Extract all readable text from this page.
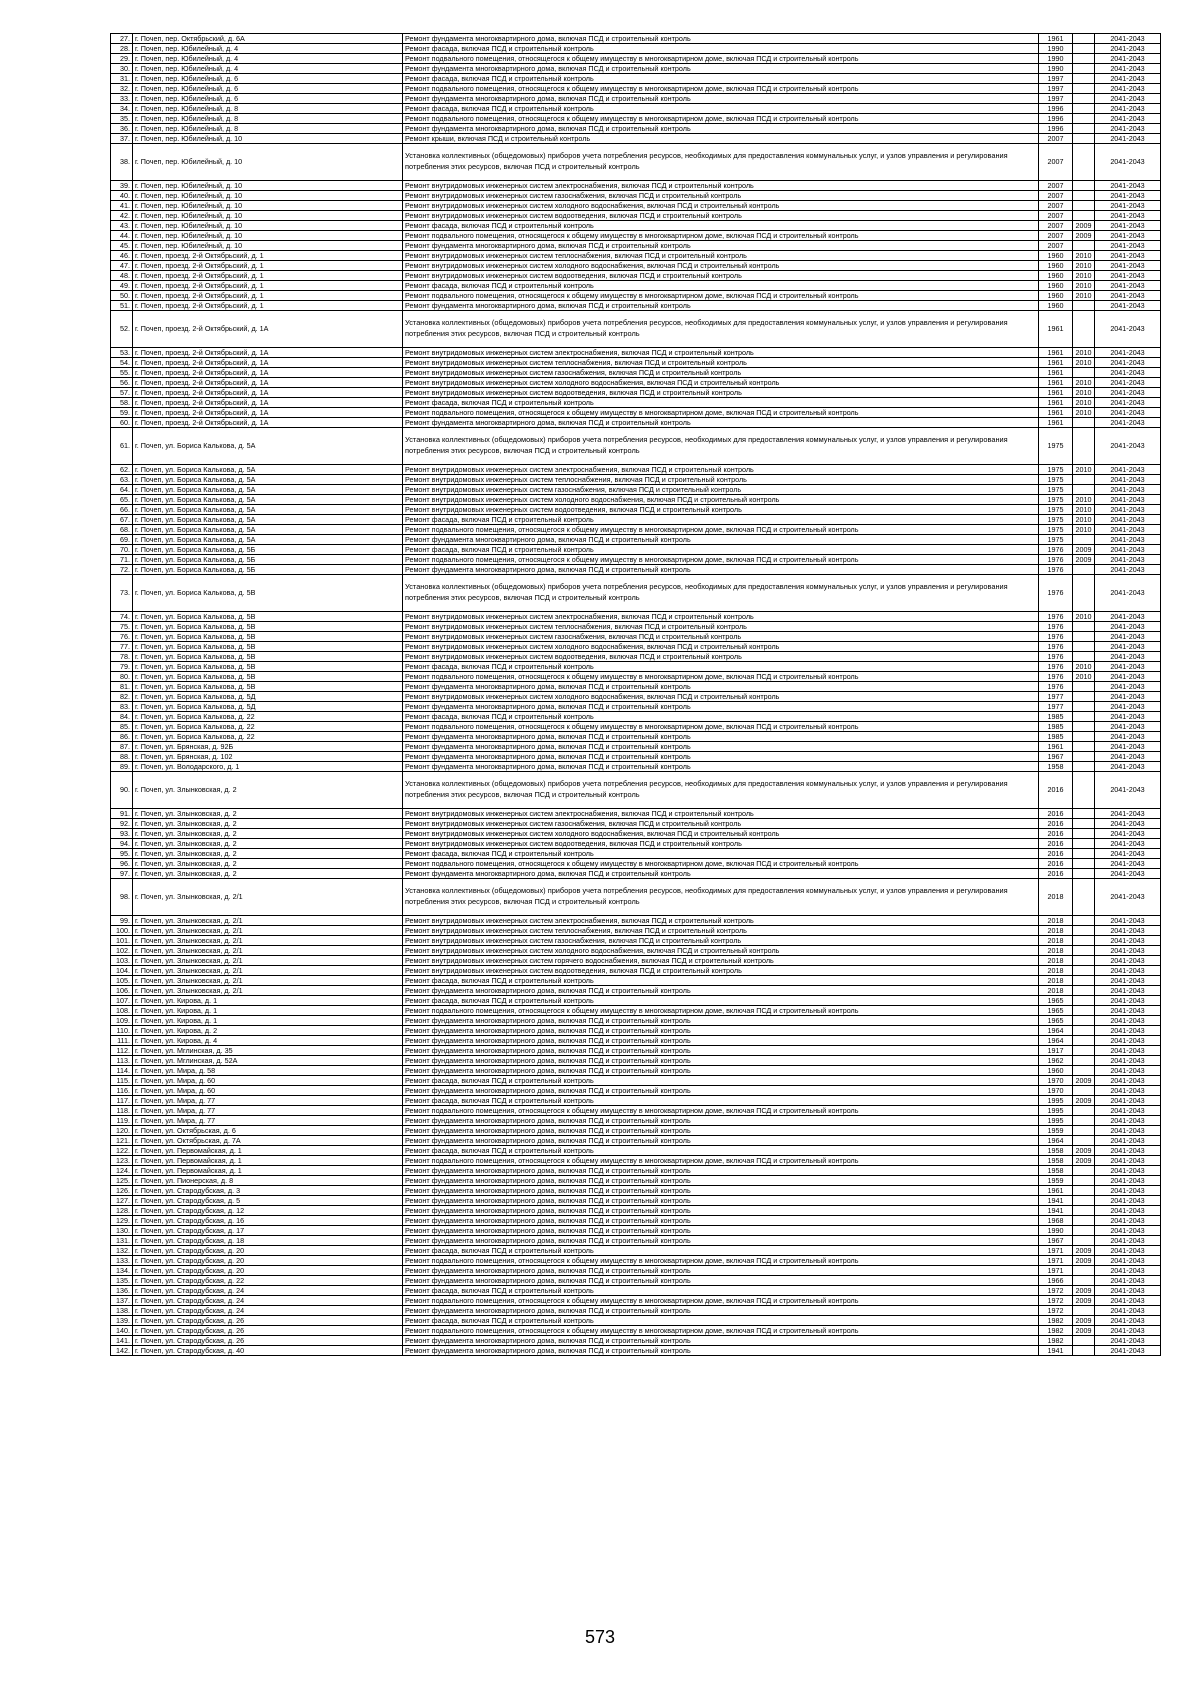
27.	г. Почеп, пер. Октябрьский, д. 6А	Ремонт фундамента многоквартирного дома, включая ПСД и строительный контроль	1961		2041-2043
28.	г. Почеп, пер. Юбилейный, д. 4	Ремонт фасада, включая ПСД и строительный контроль	1990		2041-2043
29.	г. Почеп, пер. Юбилейный, д. 4	Ремонт подвального помещения, относящегося к общему имуществу в многоквартирном доме, включая ПСД и строительный контроль	1990		2041-2043
30.	г. Почеп, пер. Юбилейный, д. 4	Ремонт фундамента многоквартирного дома, включая ПСД и строительный контроль	1990		2041-2043
31.	г. Почеп, пер. Юбилейный, д. 6	Ремонт фасада, включая ПСД и строительный контроль	1997		2041-2043
32.	г. Почеп, пер. Юбилейный, д. 6	Ремонт подвального помещения, относящегося к общему имуществу в многоквартирном доме, включая ПСД и строительный контроль	1997		2041-2043
33.	г. Почеп, пер. Юбилейный, д. 6	Ремонт фундамента многоквартирного дома, включая ПСД и строительный контроль	1997		2041-2043
34.	г. Почеп, пер. Юбилейный, д. 8	Ремонт фасада, включая ПСД и строительный контроль	1996		2041-2043
35.	г. Почеп, пер. Юбилейный, д. 8	Ремонт подвального помещения, относящегося к общему имуществу в многоквартирном доме, включая ПСД и строительный контроль	1996		2041-2043
36.	г. Почеп, пер. Юбилейный, д. 8	Ремонт фундамента многоквартирного дома, включая ПСД и строительный контроль	1996		2041-2043
37.	г. Почеп, пер. Юбилейный, д. 10	Ремонт крыши, включая ПСД и строительный контроль	2007		2041-2043
38.	г. Почеп, пер. Юбилейный, д. 10	Установка коллективных (общедомовых) приборов учета потребления ресурсов, необходимых для предоставления коммунальных услуг, и узлов управления и регулирования потребления этих ресурсов, включая ПСД и строительный контроль	2007		2041-2043
39.	г. Почеп, пер. Юбилейный, д. 10	Ремонт внутридомовых инженерных систем электроснабжения, включая ПСД и строительный контроль	2007		2041-2043
40.	г. Почеп, пер. Юбилейный, д. 10	Ремонт внутридомовых инженерных систем газоснабжения, включая ПСД и строительный контроль	2007		2041-2043
41.	г. Почеп, пер. Юбилейный, д. 10	Ремонт внутридомовых инженерных систем холодного водоснабжения, включая ПСД и строительный контроль	2007		2041-2043
42.	г. Почеп, пер. Юбилейный, д. 10	Ремонт внутридомовых инженерных систем водоотведения, включая ПСД и строительный контроль	2007		2041-2043
43.	г. Почеп, пер. Юбилейный, д. 10	Ремонт фасада, включая ПСД и строительный контроль	2007	2009	2041-2043
44.	г. Почеп, пер. Юбилейный, д. 10	Ремонт подвального помещения, относящегося к общему имуществу в многоквартирном доме, включая ПСД и строительный контроль	2007	2009	2041-2043
45.	г. Почеп, пер. Юбилейный, д. 10	Ремонт фундамента многоквартирного дома, включая ПСД и строительный контроль	2007		2041-2043
46.	г. Почеп, проезд. 2-й Октябрьский, д. 1	Ремонт внутридомовых инженерных систем теплоснабжения, включая ПСД и строительный контроль	1960	2010	2041-2043
47.	г. Почеп, проезд. 2-й Октябрьский, д. 1	Ремонт внутридомовых инженерных систем холодного водоснабжения, включая ПСД и строительный контроль	1960	2010	2041-2043
48.	г. Почеп, проезд. 2-й Октябрьский, д. 1	Ремонт внутридомовых инженерных систем водоотведения, включая ПСД и строительный контроль	1960	2010	2041-2043
49.	г. Почеп, проезд. 2-й Октябрьский, д. 1	Ремонт фасада, включая ПСД и строительный контроль	1960	2010	2041-2043
50.	г. Почеп, проезд. 2-й Октябрьский, д. 1	Ремонт подвального помещения, относящегося к общему имуществу в многоквартирном доме, включая ПСД и строительный контроль	1960	2010	2041-2043
51.	г. Почеп, проезд. 2-й Октябрьский, д. 1	Ремонт фундамента многоквартирного дома, включая ПСД и строительный контроль	1960		2041-2043
52.	г. Почеп, проезд. 2-й Октябрьский, д. 1А	Установка коллективных (общедомовых) приборов учета потребления ресурсов, необходимых для предоставления коммунальных услуг, и узлов управления и регулирования потребления этих ресурсов, включая ПСД и строительный контроль	1961		2041-2043
53.	г. Почеп, проезд. 2-й Октябрьский, д. 1А	Ремонт внутридомовых инженерных систем электроснабжения, включая ПСД и строительный контроль	1961	2010	2041-2043
54.	г. Почеп, проезд. 2-й Октябрьский, д. 1А	Ремонт внутридомовых инженерных систем теплоснабжения, включая ПСД и строительный контроль	1961	2010	2041-2043
55.	г. Почеп, проезд. 2-й Октябрьский, д. 1А	Ремонт внутридомовых инженерных систем газоснабжения, включая ПСД и строительный контроль	1961		2041-2043
56.	г. Почеп, проезд. 2-й Октябрьский, д. 1А	Ремонт внутридомовых инженерных систем холодного водоснабжения, включая ПСД и строительный контроль	1961	2010	2041-2043
57.	г. Почеп, проезд. 2-й Октябрьский, д. 1А	Ремонт внутридомовых инженерных систем водоотведения, включая ПСД и строительный контроль	1961	2010	2041-2043
58.	г. Почеп, проезд. 2-й Октябрьский, д. 1А	Ремонт фасада, включая ПСД и строительный контроль	1961	2010	2041-2043
59.	г. Почеп, проезд. 2-й Октябрьский, д. 1А	Ремонт подвального помещения, относящегося к общему имуществу в многоквартирном доме, включая ПСД и строительный контроль	1961	2010	2041-2043
60.	г. Почеп, проезд. 2-й Октябрьский, д. 1А	Ремонт фундамента многоквартирного дома, включая ПСД и строительный контроль	1961		2041-2043
61.	г. Почеп, ул. Бориса Калькова, д. 5А	Установка коллективных (общедомовых) приборов учета потребления ресурсов, необходимых для предоставления коммунальных услуг, и узлов управления и регулирования потребления этих ресурсов, включая ПСД и строительный контроль	1975		2041-2043
62.	г. Почеп, ул. Бориса Калькова, д. 5А	Ремонт внутридомовых инженерных систем электроснабжения, включая ПСД и строительный контроль	1975	2010	2041-2043
63.	г. Почеп, ул. Бориса Калькова, д. 5А	Ремонт внутридомовых инженерных систем теплоснабжения, включая ПСД и строительный контроль	1975		2041-2043
64.	г. Почеп, ул. Бориса Калькова, д. 5А	Ремонт внутридомовых инженерных систем газоснабжения, включая ПСД и строительный контроль	1975		2041-2043
65.	г. Почеп, ул. Бориса Калькова, д. 5А	Ремонт внутридомовых инженерных систем холодного водоснабжения, включая ПСД и строительный контроль	1975	2010	2041-2043
66.	г. Почеп, ул. Бориса Калькова, д. 5А	Ремонт внутридомовых инженерных систем водоотведения, включая ПСД и строительный контроль	1975	2010	2041-2043
67.	г. Почеп, ул. Бориса Калькова, д. 5А	Ремонт фасада, включая ПСД и строительный контроль	1975	2010	2041-2043
68.	г. Почеп, ул. Бориса Калькова, д. 5А	Ремонт подвального помещения, относящегося к общему имуществу в многоквартирном доме, включая ПСД и строительный контроль	1975	2010	2041-2043
69.	г. Почеп, ул. Бориса Калькова, д. 5А	Ремонт фундамента многоквартирного дома, включая ПСД и строительный контроль	1975		2041-2043
70.	г. Почеп, ул. Бориса Калькова, д. 5Б	Ремонт фасада, включая ПСД и строительный контроль	1976	2009	2041-2043
71.	г. Почеп, ул. Бориса Калькова, д. 5Б	Ремонт подвального помещения, относящегося к общему имуществу в многоквартирном доме, включая ПСД и строительный контроль	1976	2009	2041-2043
72.	г. Почеп, ул. Бориса Калькова, д. 5Б	Ремонт фундамента многоквартирного дома, включая ПСД и строительный контроль	1976		2041-2043
73.	г. Почеп, ул. Бориса Калькова, д. 5В	Установка коллективных (общедомовых) приборов учета потребления ресурсов, необходимых для предоставления коммунальных услуг, и узлов управления и регулирования потребления этих ресурсов, включая ПСД и строительный контроль	1976		2041-2043
74.	г. Почеп, ул. Бориса Калькова, д. 5В	Ремонт внутридомовых инженерных систем электроснабжения, включая ПСД и строительный контроль	1976	2010	2041-2043
75.	г. Почеп, ул. Бориса Калькова, д. 5В	Ремонт внутридомовых инженерных систем теплоснабжения, включая ПСД и строительный контроль	1976		2041-2043
76.	г. Почеп, ул. Бориса Калькова, д. 5В	Ремонт внутридомовых инженерных систем газоснабжения, включая ПСД и строительный контроль	1976		2041-2043
77.	г. Почеп, ул. Бориса Калькова, д. 5В	Ремонт внутридомовых инженерных систем холодного водоснабжения, включая ПСД и строительный контроль	1976		2041-2043
78.	г. Почеп, ул. Бориса Калькова, д. 5В	Ремонт внутридомовых инженерных систем водоотведения, включая ПСД и строительный контроль	1976		2041-2043
79.	г. Почеп, ул. Бориса Калькова, д. 5В	Ремонт фасада, включая ПСД и строительный контроль	1976	2010	2041-2043
80.	г. Почеп, ул. Бориса Калькова, д. 5В	Ремонт подвального помещения, относящегося к общему имуществу в многоквартирном доме, включая ПСД и строительный контроль	1976	2010	2041-2043
81.	г. Почеп, ул. Бориса Калькова, д. 5В	Ремонт фундамента многоквартирного дома, включая ПСД и строительный контроль	1976		2041-2043
82.	г. Почеп, ул. Бориса Калькова, д. 5Д	Ремонт внутридомовых инженерных систем холодного водоснабжения, включая ПСД и строительный контроль	1977		2041-2043
83.	г. Почеп, ул. Бориса Калькова, д. 5Д	Ремонт фундамента многоквартирного дома, включая ПСД и строительный контроль	1977		2041-2043
84.	г. Почеп, ул. Бориса Калькова, д. 22	Ремонт фасада, включая ПСД и строительный контроль	1985		2041-2043
85.	г. Почеп, ул. Бориса Калькова, д. 22	Ремонт подвального помещения, относящегося к общему имуществу в многоквартирном доме, включая ПСД и строительный контроль	1985		2041-2043
86.	г. Почеп, ул. Бориса Калькова, д. 22	Ремонт фундамента многоквартирного дома, включая ПСД и строительный контроль	1985		2041-2043
87.	г. Почеп, ул. Брянская, д. 92Б	Ремонт фундамента многоквартирного дома, включая ПСД и строительный контроль	1961		2041-2043
88.	г. Почеп, ул. Брянская, д. 102	Ремонт фундамента многоквартирного дома, включая ПСД и строительный контроль	1967		2041-2043
89.	г. Почеп, ул. Володарского, д. 1	Ремонт фундамента многоквартирного дома, включая ПСД и строительный контроль	1958		2041-2043
90.	г. Почеп, ул. Злынковская, д. 2	Установка коллективных (общедомовых) приборов учета потребления ресурсов, необходимых для предоставления коммунальных услуг, и узлов управления и регулирования потребления этих ресурсов, включая ПСД и строительный контроль	2016		2041-2043
91.	г. Почеп, ул. Злынковская, д. 2	Ремонт внутридомовых инженерных систем электроснабжения, включая ПСД и строительный контроль	2016		2041-2043
92.	г. Почеп, ул. Злынковская, д. 2	Ремонт внутридомовых инженерных систем газоснабжения, включая ПСД и строительный контроль	2016		2041-2043
93.	г. Почеп, ул. Злынковская, д. 2	Ремонт внутридомовых инженерных систем холодного водоснабжения, включая ПСД и строительный контроль	2016		2041-2043
94.	г. Почеп, ул. Злынковская, д. 2	Ремонт внутридомовых инженерных систем водоотведения, включая ПСД и строительный контроль	2016		2041-2043
95.	г. Почеп, ул. Злынковская, д. 2	Ремонт фасада, включая ПСД и строительный контроль	2016		2041-2043
96.	г. Почеп, ул. Злынковская, д. 2	Ремонт подвального помещения, относящегося к общему имуществу в многоквартирном доме, включая ПСД и строительный контроль	2016		2041-2043
97.	г. Почеп, ул. Злынковская, д. 2	Ремонт фундамента многоквартирного дома, включая ПСД и строительный контроль	2016		2041-2043
98.	г. Почеп, ул. Злынковская, д. 2/1	Установка коллективных (общедомовых) приборов учета потребления ресурсов, необходимых для предоставления коммунальных услуг, и узлов управления и регулирования потребления этих ресурсов, включая ПСД и строительный контроль	2018		2041-2043
99.	г. Почеп, ул. Злынковская, д. 2/1	Ремонт внутридомовых инженерных систем электроснабжения, включая ПСД и строительный контроль	2018		2041-2043
100.	г. Почеп, ул. Злынковская, д. 2/1	Ремонт внутридомовых инженерных систем теплоснабжения, включая ПСД и строительный контроль	2018		2041-2043
101.	г. Почеп, ул. Злынковская, д. 2/1	Ремонт внутридомовых инженерных систем газоснабжения, включая ПСД и строительный контроль	2018		2041-2043
102.	г. Почеп, ул. Злынковская, д. 2/1	Ремонт внутридомовых инженерных систем холодного водоснабжения, включая ПСД и строительный контроль	2018		2041-2043
103.	г. Почеп, ул. Злынковская, д. 2/1	Ремонт внутридомовых инженерных систем горячего водоснабжения, включая ПСД и строительный контроль	2018		2041-2043
104.	г. Почеп, ул. Злынковская, д. 2/1	Ремонт внутридомовых инженерных систем водоотведения, включая ПСД и строительный контроль	2018		2041-2043
105.	г. Почеп, ул. Злынковская, д. 2/1	Ремонт фасада, включая ПСД и строительный контроль	2018		2041-2043
106.	г. Почеп, ул. Злынковская, д. 2/1	Ремонт фундамента многоквартирного дома, включая ПСД и строительный контроль	2018		2041-2043
107.	г. Почеп, ул. Кирова, д. 1	Ремонт фасада, включая ПСД и строительный контроль	1965		2041-2043
108.	г. Почеп, ул. Кирова, д. 1	Ремонт подвального помещения, относящегося к общему имуществу в многоквартирном доме, включая ПСД и строительный контроль	1965		2041-2043
109.	г. Почеп, ул. Кирова, д. 1	Ремонт фундамента многоквартирного дома, включая ПСД и строительный контроль	1965		2041-2043
110.	г. Почеп, ул. Кирова, д. 2	Ремонт фундамента многоквартирного дома, включая ПСД и строительный контроль	1964		2041-2043
111.	г. Почеп, ул. Кирова, д. 4	Ремонт фундамента многоквартирного дома, включая ПСД и строительный контроль	1964		2041-2043
112.	г. Почеп, ул. Мглинская, д. 35	Ремонт фундамента многоквартирного дома, включая ПСД и строительный контроль	1917		2041-2043
113.	г. Почеп, ул. Мглинская, д. 52А	Ремонт фундамента многоквартирного дома, включая ПСД и строительный контроль	1962		2041-2043
114.	г. Почеп, ул. Мира, д. 58	Ремонт фундамента многоквартирного дома, включая ПСД и строительный контроль	1960		2041-2043
115.	г. Почеп, ул. Мира, д. 60	Ремонт фасада, включая ПСД и строительный контроль	1970	2009	2041-2043
116.	г. Почеп, ул. Мира, д. 60	Ремонт фундамента многоквартирного дома, включая ПСД и строительный контроль	1970		2041-2043
117.	г. Почеп, ул. Мира, д. 77	Ремонт фасада, включая ПСД и строительный контроль	1995	2009	2041-2043
118.	г. Почеп, ул. Мира, д. 77	Ремонт подвального помещения, относящегося к общему имуществу в многоквартирном доме, включая ПСД и строительный контроль	1995		2041-2043
119.	г. Почеп, ул. Мира, д. 77	Ремонт фундамента многоквартирного дома, включая ПСД и строительный контроль	1995		2041-2043
120.	г. Почеп, ул. Октябрьская, д. 6	Ремонт фундамента многоквартирного дома, включая ПСД и строительный контроль	1959		2041-2043
121.	г. Почеп, ул. Октябрьская, д. 7А	Ремонт фундамента многоквартирного дома, включая ПСД и строительный контроль	1964		2041-2043
122.	г. Почеп, ул. Первомайская, д. 1	Ремонт фасада, включая ПСД и строительный контроль	1958	2009	2041-2043
123.	г. Почеп, ул. Первомайская, д. 1	Ремонт подвального помещения, относящегося к общему имуществу в многоквартирном доме, включая ПСД и строительный контроль	1958	2009	2041-2043
124.	г. Почеп, ул. Первомайская, д. 1	Ремонт фундамента многоквартирного дома, включая ПСД и строительный контроль	1958		2041-2043
125.	г. Почеп, ул. Пионерская, д. 8	Ремонт фундамента многоквартирного дома, включая ПСД и строительный контроль	1959		2041-2043
126.	г. Почеп, ул. Стародубская, д. 3	Ремонт фундамента многоквартирного дома, включая ПСД и строительный контроль	1961		2041-2043
127.	г. Почеп, ул. Стародубская, д. 5	Ремонт фундамента многоквартирного дома, включая ПСД и строительный контроль	1941		2041-2043
128.	г. Почеп, ул. Стародубская, д. 12	Ремонт фундамента многоквартирного дома, включая ПСД и строительный контроль	1941		2041-2043
129.	г. Почеп, ул. Стародубская, д. 16	Ремонт фундамента многоквартирного дома, включая ПСД и строительный контроль	1968		2041-2043
130.	г. Почеп, ул. Стародубская, д. 17	Ремонт фундамента многоквартирного дома, включая ПСД и строительный контроль	1990		2041-2043
131.	г. Почеп, ул. Стародубская, д. 18	Ремонт фундамента многоквартирного дома, включая ПСД и строительный контроль	1967		2041-2043
132.	г. Почеп, ул. Стародубская, д. 20	Ремонт фасада, включая ПСД и строительный контроль	1971	2009	2041-2043
133.	г. Почеп, ул. Стародубская, д. 20	Ремонт подвального помещения, относящегося к общему имуществу в многоквартирном доме, включая ПСД и строительный контроль	1971	2009	2041-2043
134.	г. Почеп, ул. Стародубская, д. 20	Ремонт фундамента многоквартирного дома, включая ПСД и строительный контроль	1971		2041-2043
135.	г. Почеп, ул. Стародубская, д. 22	Ремонт фундамента многоквартирного дома, включая ПСД и строительный контроль	1966		2041-2043
136.	г. Почеп, ул. Стародубская, д. 24	Ремонт фасада, включая ПСД и строительный контроль	1972	2009	2041-2043
137.	г. Почеп, ул. Стародубская, д. 24	Ремонт подвального помещения, относящегося к общему имуществу в многоквартирном доме, включая ПСД и строительный контроль	1972	2009	2041-2043
138.	г. Почеп, ул. Стародубская, д. 24	Ремонт фундамента многоквартирного дома, включая ПСД и строительный контроль	1972		2041-2043
139.	г. Почеп, ул. Стародубская, д. 26	Ремонт фасада, включая ПСД и строительный контроль	1982	2009	2041-2043
140.	г. Почеп, ул. Стародубская, д. 26	Ремонт подвального помещения, относящегося к общему имуществу в многоквартирном доме, включая ПСД и строительный контроль	1982	2009	2041-2043
141.	г. Почеп, ул. Стародубская, д. 26	Ремонт фундамента многоквартирного дома, включая ПСД и строительный контроль	1982		2041-2043
142.	г. Почеп, ул. Стародубская, д. 40	Ремонт фундамента многоквартирного дома, включая ПСД и строительный контроль	1941		2041-2043
573
